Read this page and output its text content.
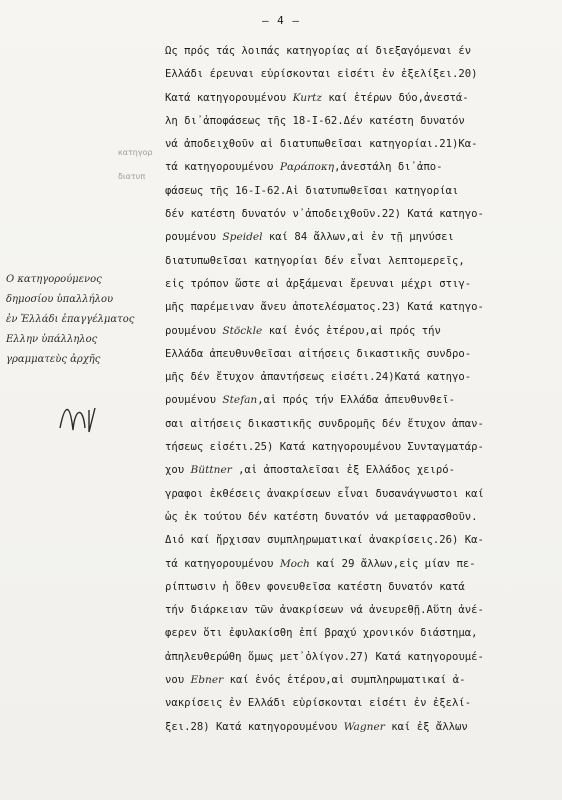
— 4 —
κατηγορ
διατυπ
Ως πρός τάς λοιπάς κατηγορίας αί διεξαγόμεναι έν
Ελλάδι έρευναι εὑρίσκονται εἰσέτι ἐν ἐξελίξει.20)
Κατά κατηγορουμένου Kurtz καί ἑτέρων δύο,ἀνεστά-
λη δι᾽ἀποφάσεως τῆς 18-I-62.Δέν κατέστη δυνατόν
νά ἀποδειχθοῦν αἱ διατυπωθεῖσαι κατηγορίαι.21)Κα-
τά κατηγορουμένου Ραράποκη,ἀνεστάλη δι᾽ἀπο-
φάσεως τῆς 16-I-62.Αἱ διατυπωθεῖσαι κατηγορίαι
δέν κατέστη δυνατόν ν᾽ἀποδειχθοῦν.22) Κατά κατηγο-
ρουμένου Speidel καί 84 ἄλλων,αἱ ἐν τῇ μηνύσει
διατυπωθεῖσαι κατηγορίαι δέν εἶναι λεπτομερεῖς,
εἰς τρόπον ὥστε αἱ ἀρξάμεναι ἔρευναι μέχρι στιγ-
μῆς παρέμειναν ἄνευ ἀποτελέσματος.23) Κατά κατηγο-
ρουμένου Stöckle καί ἑνός ἑτέρου,αἱ πρός τήν
Ελλάδα ἀπευθυνθεῖσαι αἰτήσεις δικαστικῆς συνδρο-
μῆς δέν ἔτυχον ἀπαντήσεως εἰσέτι.24)Κατά κατηγο-
ρουμένου Stefan,αἱ πρός τήν Ελλάδα ἀπευθυνθεῖ-
σαι αἰτήσεις δικαστικῆς συνδρομῆς δέν ἔτυχον ἀπαν-
τήσεως εἰσέτι.25) Κατά κατηγορουμένου Συνταγματάρ-
χου Büttner ,αἱ ἀποσταλεῖσαι ἐξ Ελλάδος χειρό-
γραφοι ἐκθέσεις ἀνακρίσεων εἶναι δυσανάγνωστοι καί
ὡς ἐκ τούτου δέν κατέστη δυνατόν νά μεταφρασθοῦν.
Διό καί ἤρχισαν συμπληρωματικαί ἀνακρίσεις.26) Κα-
τά κατηγορουμένου Moch καί 29 ἄλλων,εἰς μίαν πε-
ρίπτωσιν ἡ ὅθεν φονευθεῖσα κατέστη δυνατόν κατά
τήν διάρκειαν τῶν ἀνακρίσεων νά ἀνευρεθῇ.Αὕτη ἀνέ-
φερεν ὅτι ἐφυλακίσθη ἐπί βραχύ χρονικόν διάστημα,
ἀπηλευθερώθη ὅμως μετ᾽ὀλίγον.27) Κατά κατηγορουμέ-
νου Ebner καί ἑνός ἑτέρου,αἱ συμπληρωματικαί ἀ-
νακρίσεις ἐν Ελλάδι εὑρίσκονται εἰσέτι ἐν ἐξελί-
ξει.28) Κατά κατηγορουμένου Wagner καί ἐξ ἄλλων
Ο κατηγορούμενος
δημοσίου ὑπαλλήλου
ἐν Ἑλλάδι ἐπαγγέλματος
Ελλην ὑπάλληλος
γραμματεὺς ἀρχῆς
